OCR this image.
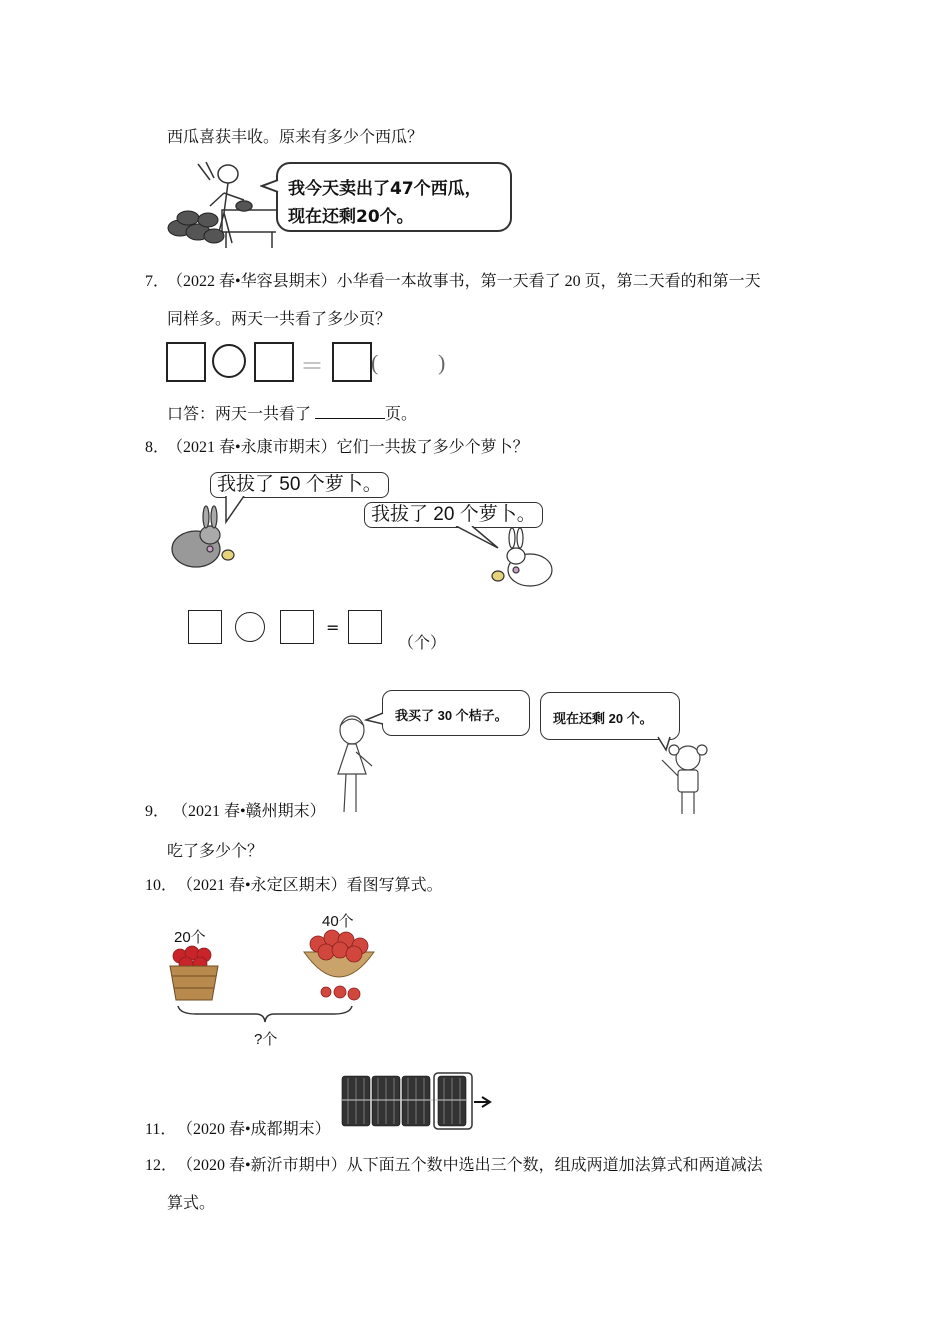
西瓜喜获丰收。原来有多少个西瓜？
我今天卖出了47个西瓜，
现在还剩20个。
7．
（2022 春•华容县期末）小华看一本故事书，第一天看了 20 页，第二天看的和第一天
同样多。两天一共看了多少页？
＝ (	)
口答：两天一共看了	页。
8．
（2021 春•永康市期末）它们一共拔了多少个萝卜？
我拔了 50 个萝卜。
我拔了 20 个萝卜。
=
（个）
我买了 30 个桔子。	现在还剩 20 个。
9． （2021 春•赣州期末）
吃了多少个？
10． （2021 春•永定区期末）看图写算式。
20个
40个
?个
11． （2020 春•成都期末）
12． （2020 春•新沂市期中）从下面五个数中选出三个数，组成两道加法算式和两道减法
算式。
